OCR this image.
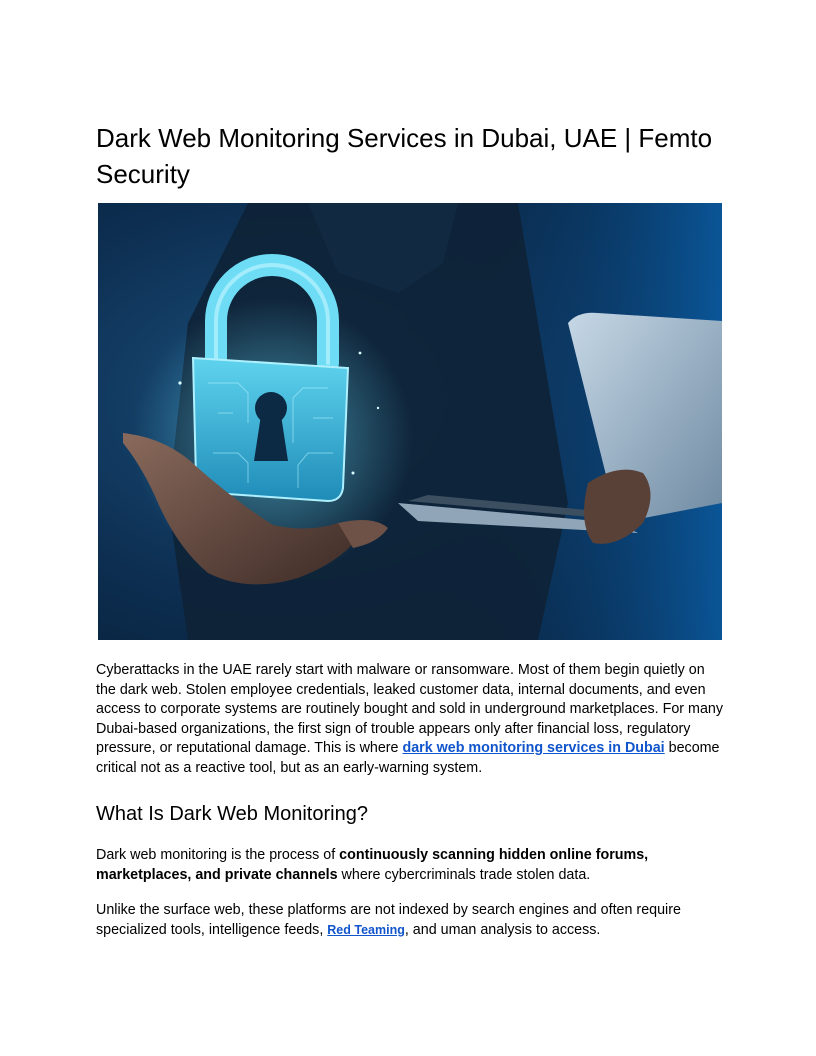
Dark Web Monitoring Services in Dubai, UAE | Femto Security

Cyberattacks in the UAE rarely start with malware or ransomware. Most of them begin quietly on the dark web. Stolen employee credentials, leaked customer data, internal documents, and even access to corporate systems are routinely bought and sold in underground marketplaces. For many Dubai-based organizations, the first sign of trouble appears only after financial loss, regulatory pressure, or reputational damage. This is where dark web monitoring services in Dubai become critical not as a reactive tool, but as an early-warning system.

What Is Dark Web Monitoring?

Dark web monitoring is the process of continuously scanning hidden online forums, marketplaces, and private channels where cybercriminals trade stolen data.

Unlike the surface web, these platforms are not indexed by search engines and often require specialized tools, intelligence feeds, Red Teaming, and uman analysis to access.
